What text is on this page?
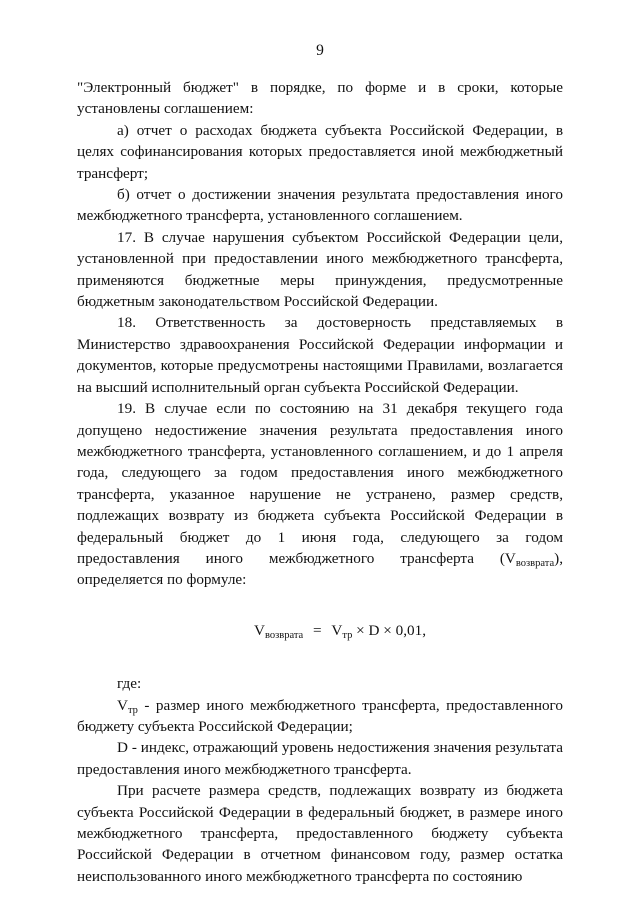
9

"Электронный бюджет" в порядке, по форме и в сроки, которые установлены соглашением:

а) отчет о расходах бюджета субъекта Российской Федерации, в целях софинансирования которых предоставляется иной межбюджетный трансферт;

б) отчет о достижении значения результата предоставления иного межбюджетного трансферта, установленного соглашением.

17. В случае нарушения субъектом Российской Федерации цели, установленной при предоставлении иного межбюджетного трансферта, применяются бюджетные меры принуждения, предусмотренные бюджетным законодательством Российской Федерации.

18. Ответственность за достоверность представляемых в Министерство здравоохранения Российской Федерации информации и документов, которые предусмотрены настоящими Правилами, возлагается на высший исполнительный орган субъекта Российской Федерации.

19. В случае если по состоянию на 31 декабря текущего года допущено недостижение значения результата предоставления иного межбюджетного трансферта, установленного соглашением, и до 1 апреля года, следующего за годом предоставления иного межбюджетного трансферта, указанное нарушение не устранено, размер средств, подлежащих возврату из бюджета субъекта Российской Федерации в федеральный бюджет до 1 июня года, следующего за годом предоставления иного межбюджетного трансферта $(V_{возврата})$, определяется по формуле:

$V_{возврата} = V_{тр} \times D \times 0,01$,

где:

$V_{тр}$ - размер иного межбюджетного трансферта, предоставленного бюджету субъекта Российской Федерации;

D - индекс, отражающий уровень недостижения значения результата предоставления иного межбюджетного трансферта.

При расчете размера средств, подлежащих возврату из бюджета субъекта Российской Федерации в федеральный бюджет, в размере иного межбюджетного трансферта, предоставленного бюджету субъекта Российской Федерации в отчетном финансовом году, размер остатка неиспользованного иного межбюджетного трансферта по состоянию
